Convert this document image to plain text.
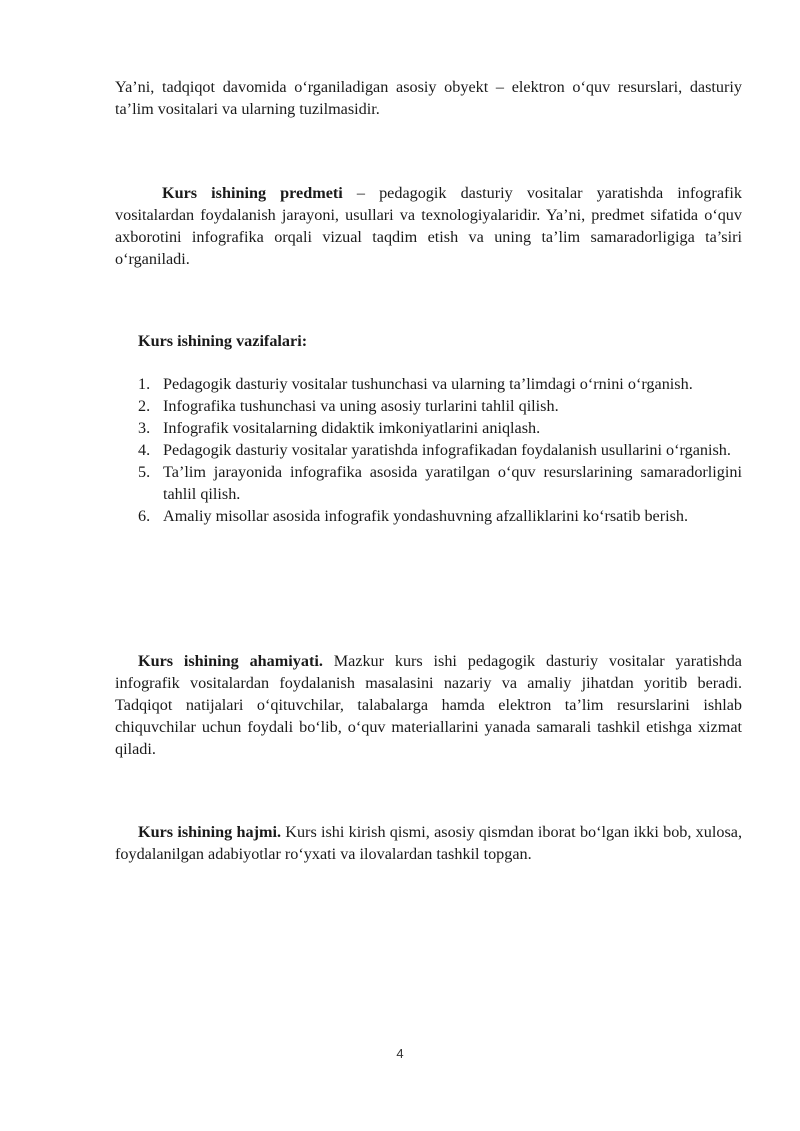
Ya’ni, tadqiqot davomida o‘rganiladigan asosiy obyekt – elektron o‘quv resurslari, dasturiy ta’lim vositalari va ularning tuzilmasidir.

Kurs ishining predmeti – pedagogik dasturiy vositalar yaratishda infografik vositalardan foydalanish jarayoni, usullari va texnologiyalaridir. Ya’ni, predmet sifatida o‘quv axborotini infografika orqali vizual taqdim etish va uning ta’lim samaradorligiga ta’siri o‘rganiladi.

Kurs ishining vazifalari:

1. Pedagogik dasturiy vositalar tushunchasi va ularning ta’limdagi o‘rnini o‘rganish.
2. Infografika tushunchasi va uning asosiy turlarini tahlil qilish.
3. Infografik vositalarning didaktik imkoniyatlarini aniqlash.
4. Pedagogik dasturiy vositalar yaratishda infografikadan foydalanish usullarini o‘rganish.
5. Ta’lim jarayonida infografika asosida yaratilgan o‘quv resurslarining samaradorligini tahlil qilish.
6. Amaliy misollar asosida infografik yondashuvning afzalliklarini ko‘rsatib berish.

Kurs ishining ahamiyati. Mazkur kurs ishi pedagogik dasturiy vositalar yaratishda infografik vositalardan foydalanish masalasini nazariy va amaliy jihatdan yoritib beradi. Tadqiqot natijalari o‘qituvchilar, talabalarga hamda elektron ta’lim resurslarini ishlab chiquvchilar uchun foydali bo‘lib, o‘quv materiallarini yanada samarali tashkil etishga xizmat qiladi.

Kurs ishining hajmi. Kurs ishi kirish qismi, asosiy qismdan iborat bo‘lgan ikki bob, xulosa, foydalanilgan adabiyotlar ro‘yxati va ilovalardan tashkil topgan.

4
